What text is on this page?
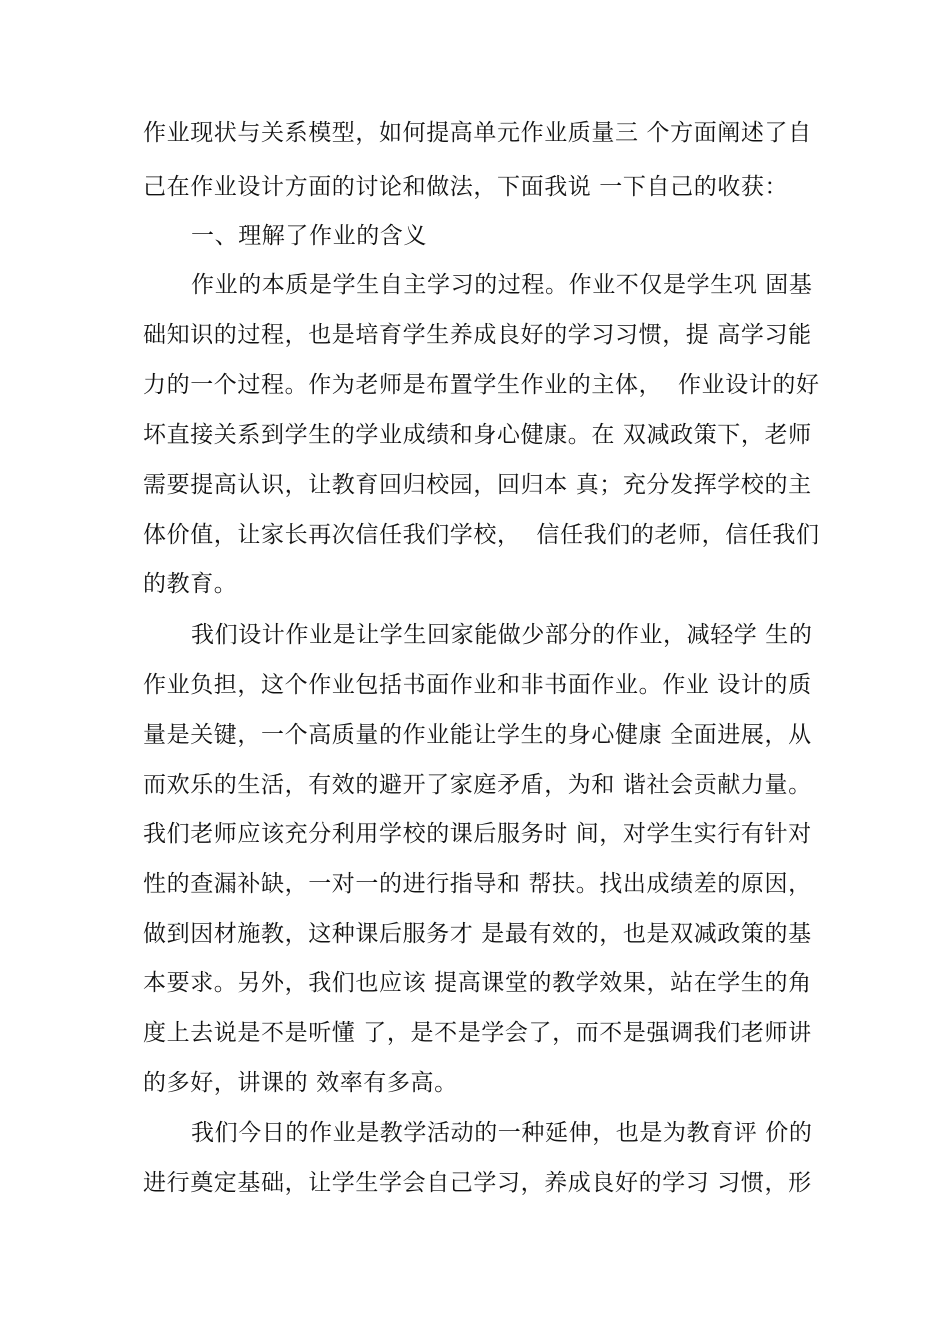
作业现状与关系模型，如何提高单元作业质量三 个方面阐述了自
己在作业设计方面的讨论和做法，下面我说 一下自己的收获：
一、理解了作业的含义
作业的本质是学生自主学习的过程。作业不仅是学生巩 固基
础知识的过程，也是培育学生养成良好的学习习惯，提 高学习能
力的一个过程。作为老师是布置学生作业的主体，  作业设计的好
坏直接关系到学生的学业成绩和身心健康。在 双减政策下，老师
需要提高认识，让教育回归校园，回归本 真；充分发挥学校的主
体价值，让家长再次信任我们学校，  信任我们的老师，信任我们
的教育。
我们设计作业是让学生回家能做少部分的作业，减轻学 生的
作业负担，这个作业包括书面作业和非书面作业。作业 设计的质
量是关键，一个高质量的作业能让学生的身心健康 全面进展，从
而欢乐的生活，有效的避开了家庭矛盾，为和 谐社会贡献力量。
我们老师应该充分利用学校的课后服务时 间，对学生实行有针对
性的查漏补缺，一对一的进行指导和 帮扶。找出成绩差的原因，
做到因材施教，这种课后服务才 是最有效的，也是双减政策的基
本要求。另外，我们也应该 提高课堂的教学效果，站在学生的角
度上去说是不是听懂 了，是不是学会了，而不是强调我们老师讲
的多好，讲课的 效率有多高。
我们今日的作业是教学活动的一种延伸，也是为教育评 价的
进行奠定基础，让学生学会自己学习，养成良好的学习 习惯，形
